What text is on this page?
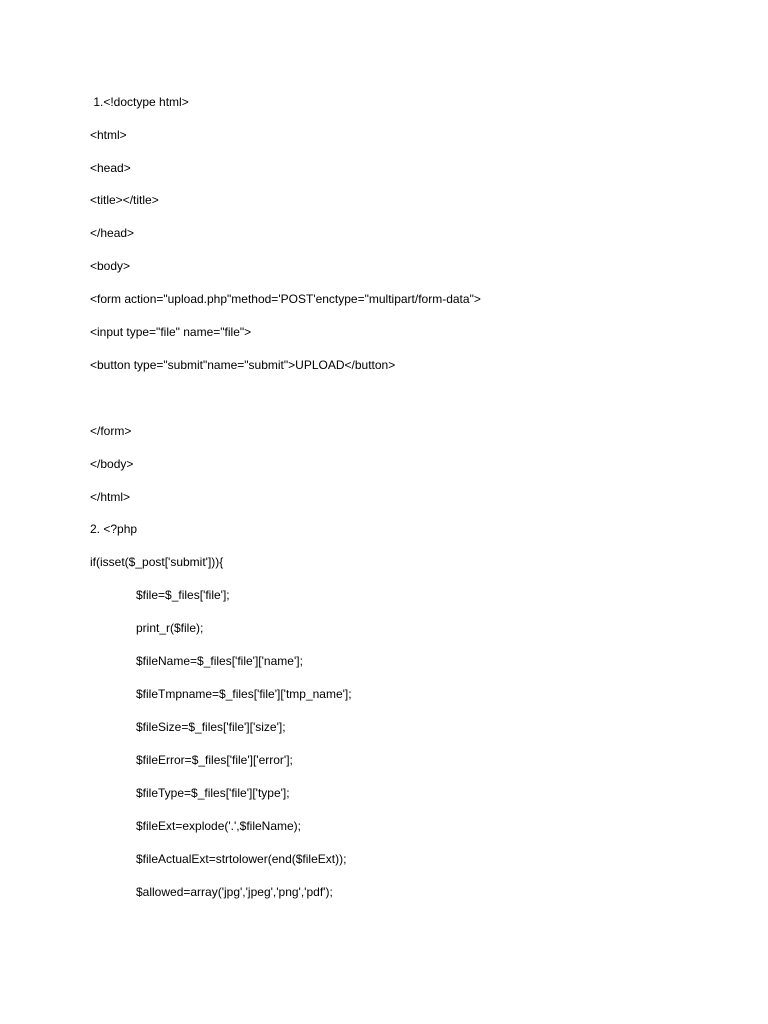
1.<!doctype html>
<html>
<head>
<title></title>
</head>
<body>
<form action="upload.php"method='POST'enctype="multipart/form-data">
<input type="file" name="file">
<button type="submit"name="submit">UPLOAD</button>
</form>
</body>
</html>
2. <?php
if(isset($_post['submit'])){
$file=$_files['file'];
print_r($file);
$fileName=$_files['file']['name'];
$fileTmpname=$_files['file']['tmp_name'];
$fileSize=$_files['file']['size'];
$fileError=$_files['file']['error'];
$fileType=$_files['file']['type'];
$fileExt=explode('.',$fileName);
$fileActualExt=strtolower(end($fileExt));
$allowed=array('jpg','jpeg','png','pdf');
